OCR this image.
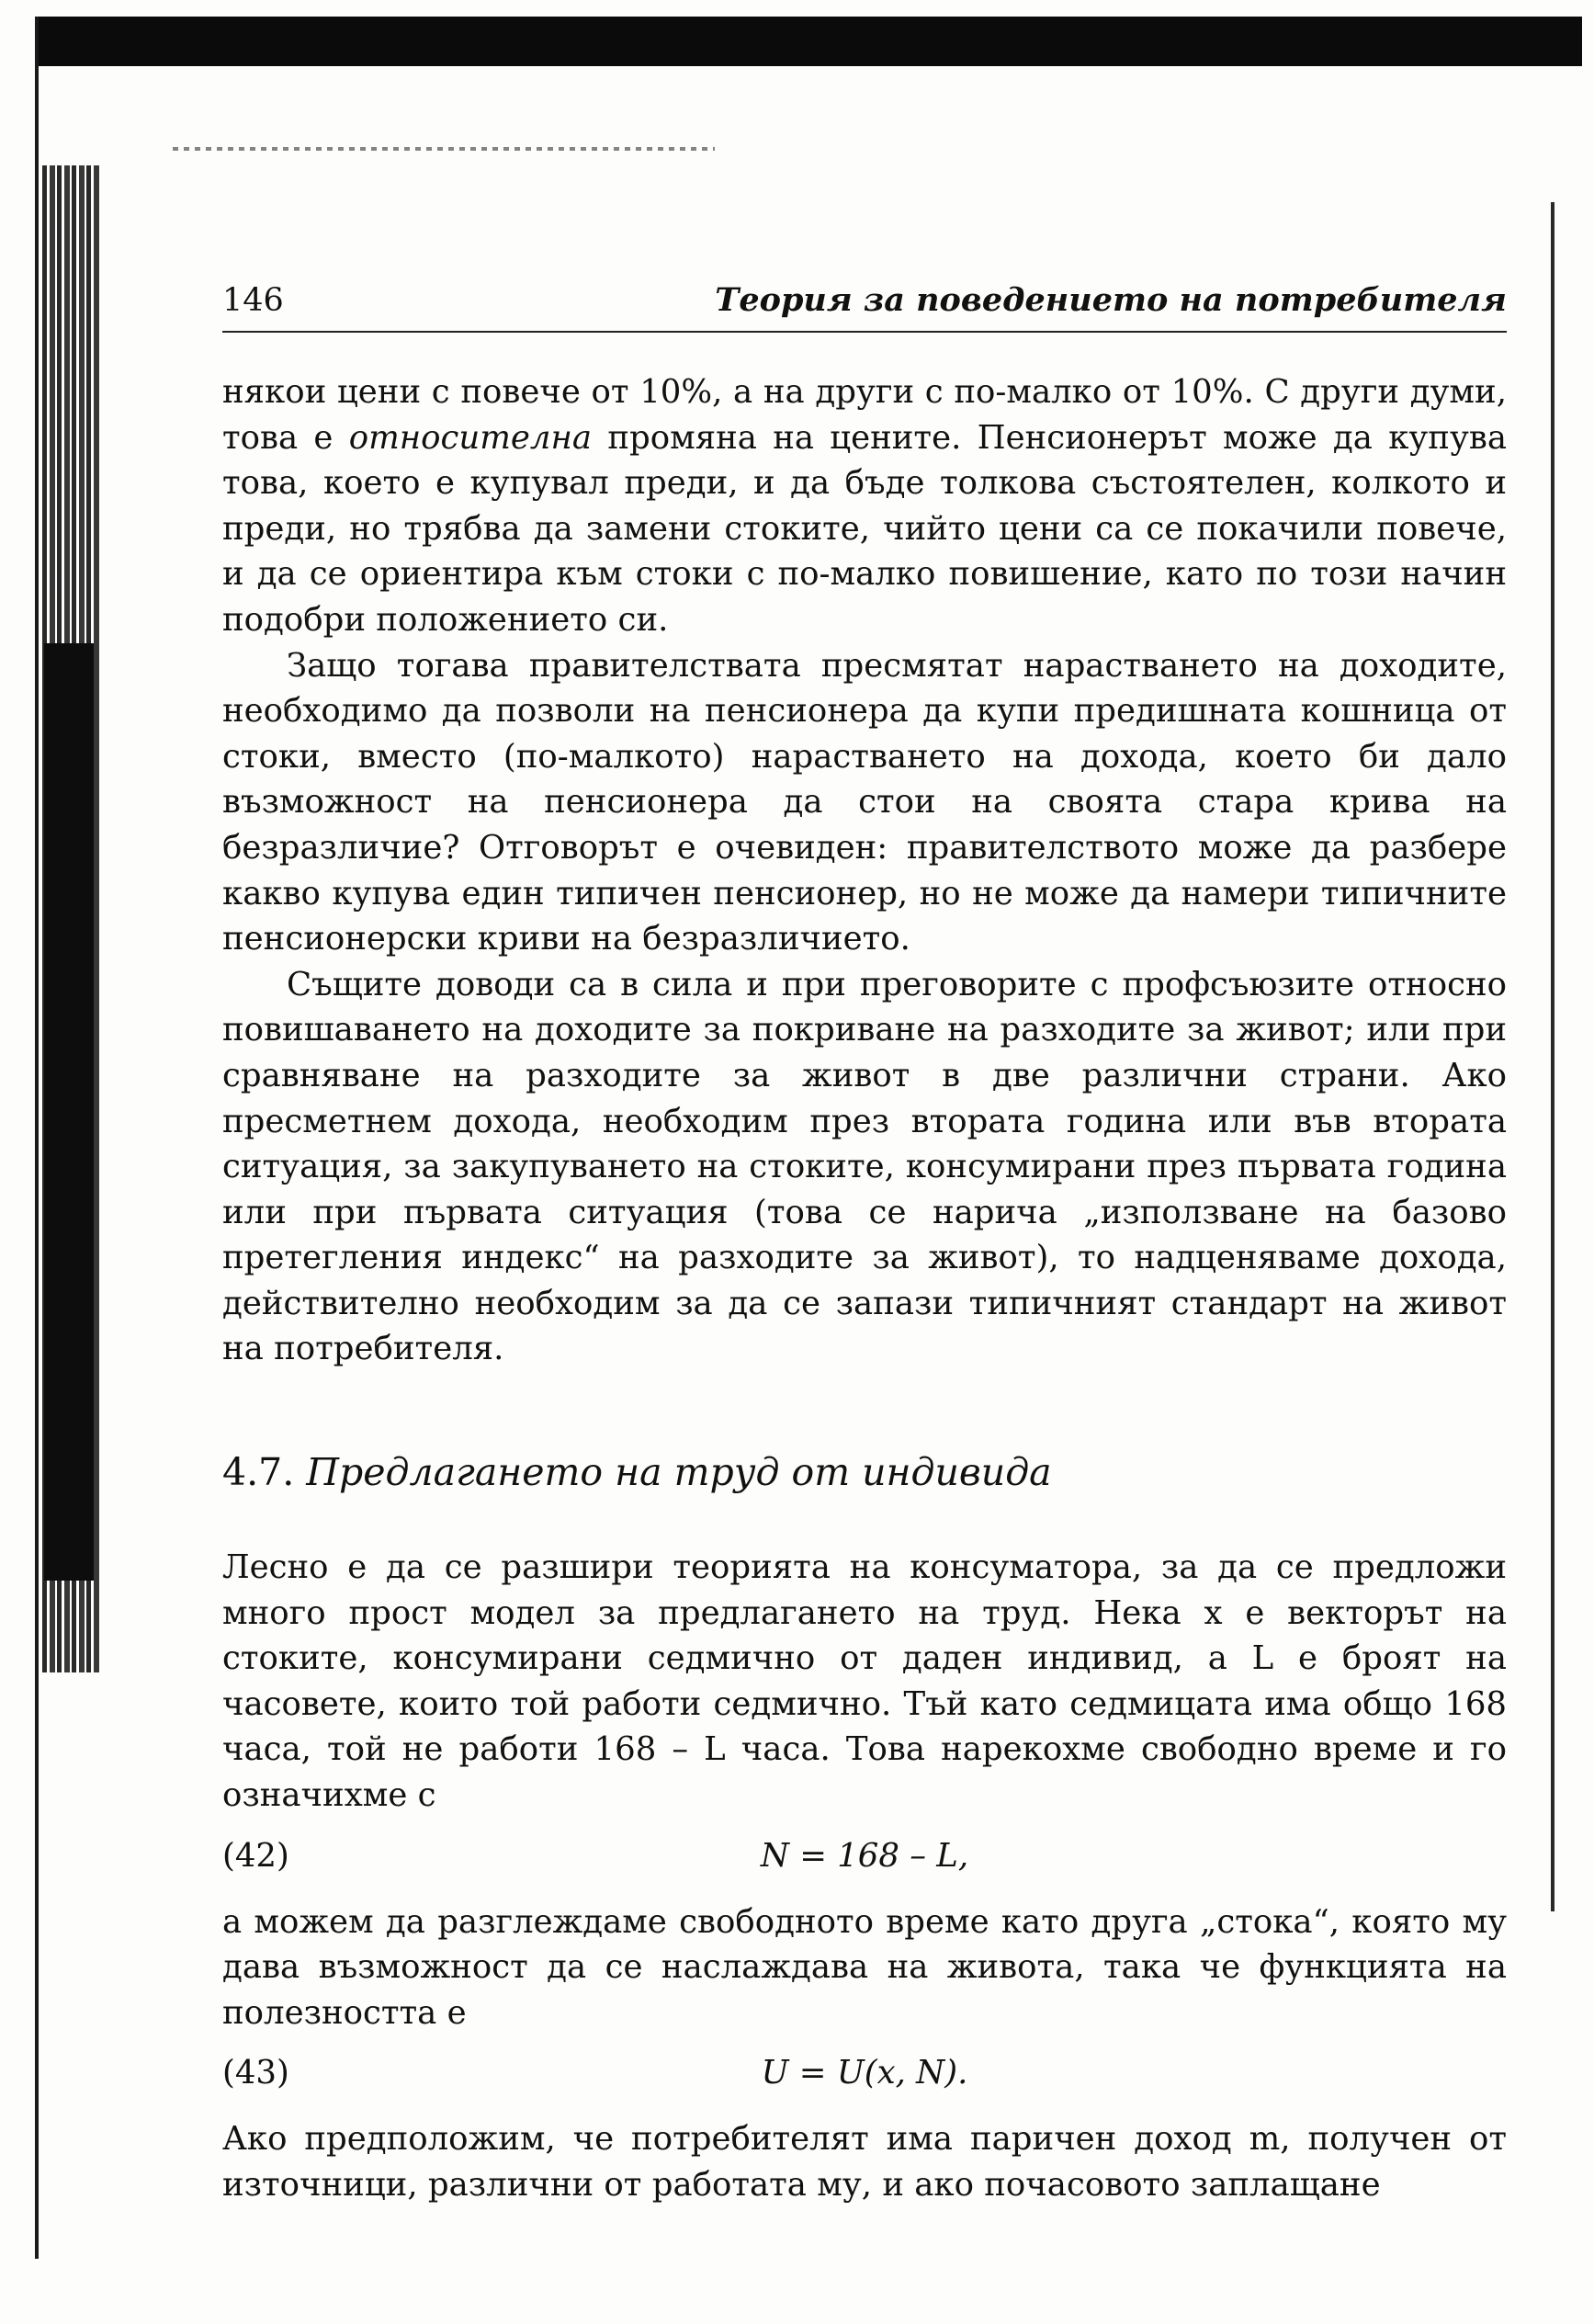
146	Теория за поведението на потребителя

някои цени с повече от 10%, а на други с по-малко от 10%. С други думи, това е относителна промяна на цените. Пенсионерът може да купува това, което е купувал преди, и да бъде толкова състоятелен, колкото и преди, но трябва да замени стоките, чийто цени са се покачили повече, и да се ориентира към стоки с по-малко повишение, като по този начин подобри положението си.

Защо тогава правителствата пресмятат нарастването на доходите, необходимо да позволи на пенсионера да купи предишната кошница от стоки, вместо (по-малкото) нарастването на дохода, което би дало възможност на пенсионера да стои на своята стара крива на безразличие? Отговорът е очевиден: правителството може да разбере какво купува един типичен пенсионер, но не може да намери типичните пенсионерски криви на безразличието.

Същите доводи са в сила и при преговорите с профсъюзите относно повишаването на доходите за покриване на разходите за живот; или при сравняване на разходите за живот в две различни страни. Ако пресметнем дохода, необходим през втората година или във втората ситуация, за закупуването на стоките, консумирани през първата година или при първата ситуация (това се нарича „използване на базово претегления индекс“ на разходите за живот), то надценяваме дохода, действително необходим за да се запази типичният стандарт на живот на потребителя.

4.7. Предлагането на труд от индивида

Лесно е да се разшири теорията на консуматора, за да се предложи много прост модел за предлагането на труд. Нека x е векторът на стоките, консумирани седмично от даден индивид, а L е броят на часовете, които той работи седмично. Тъй като седмицата има общо 168 часа, той не работи 168 – L часа. Това нарекохме свободно време и го означихме с

(42)	N = 168 – L,

а можем да разглеждаме свободното време като друга „стока“, която му дава възможност да се наслаждава на живота, така че функцията на полезността е

(43)	U = U(x, N).

Ако предположим, че потребителят има паричен доход m, получен от източници, различни от работата му, и ако почасовото заплащане
